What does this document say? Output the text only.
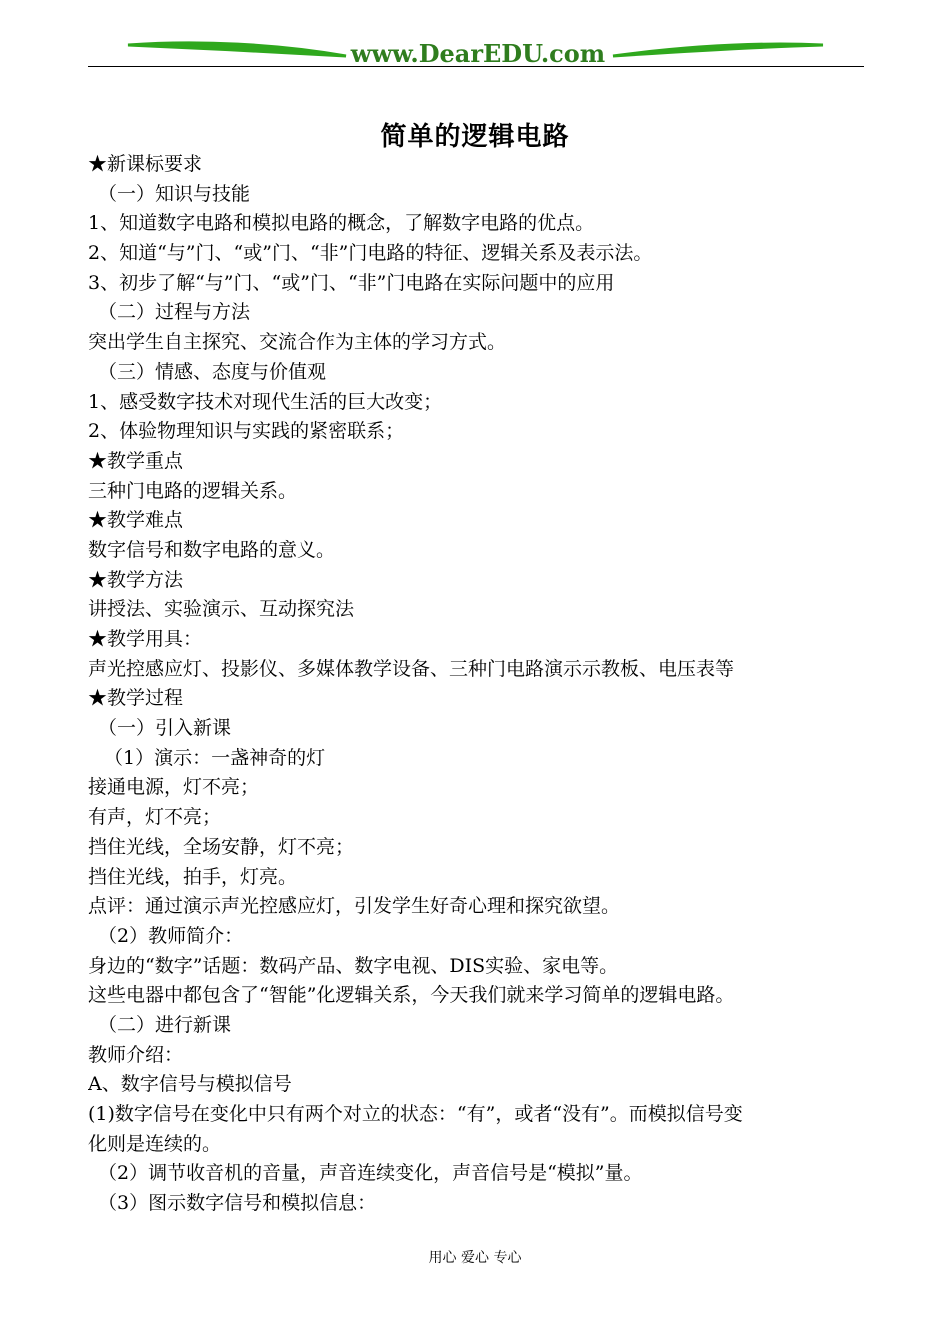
www.DearEDU.com
简单的逻辑电路
★新课标要求
（一）知识与技能
1、知道数字电路和模拟电路的概念，了解数字电路的优点。
2、知道“与”门、“或”门、“非”门电路的特征、逻辑关系及表示法。
3、初步了解“与”门、“或”门、“非”门电路在实际问题中的应用
（二）过程与方法
突出学生自主探究、交流合作为主体的学习方式。
（三）情感、态度与价值观
1、感受数字技术对现代生活的巨大改变；
2、体验物理知识与实践的紧密联系；
★教学重点
三种门电路的逻辑关系。
★教学难点
数字信号和数字电路的意义。
★教学方法
讲授法、实验演示、互动探究法
★教学用具：
声光控感应灯、投影仪、多媒体教学设备、三种门电路演示示教板、电压表等
★教学过程
（一）引入新课
（1）演示：一盏神奇的灯
接通电源，灯不亮；
有声，灯不亮；
挡住光线，全场安静，灯不亮；
挡住光线，拍手，灯亮。
点评：通过演示声光控感应灯，引发学生好奇心理和探究欲望。
（2）教师简介：
身边的“数字”话题：数码产品、数字电视、DIS实验、家电等。
这些电器中都包含了“智能”化逻辑关系，今天我们就来学习简单的逻辑电路。
（二）进行新课
教师介绍：
A、数字信号与模拟信号
(1)数字信号在变化中只有两个对立的状态：“有”，或者“没有”。而模拟信号变
化则是连续的。
（2）调节收音机的音量，声音连续变化，声音信号是“模拟”量。
（3）图示数字信号和模拟信息：
用心 爱心 专心
